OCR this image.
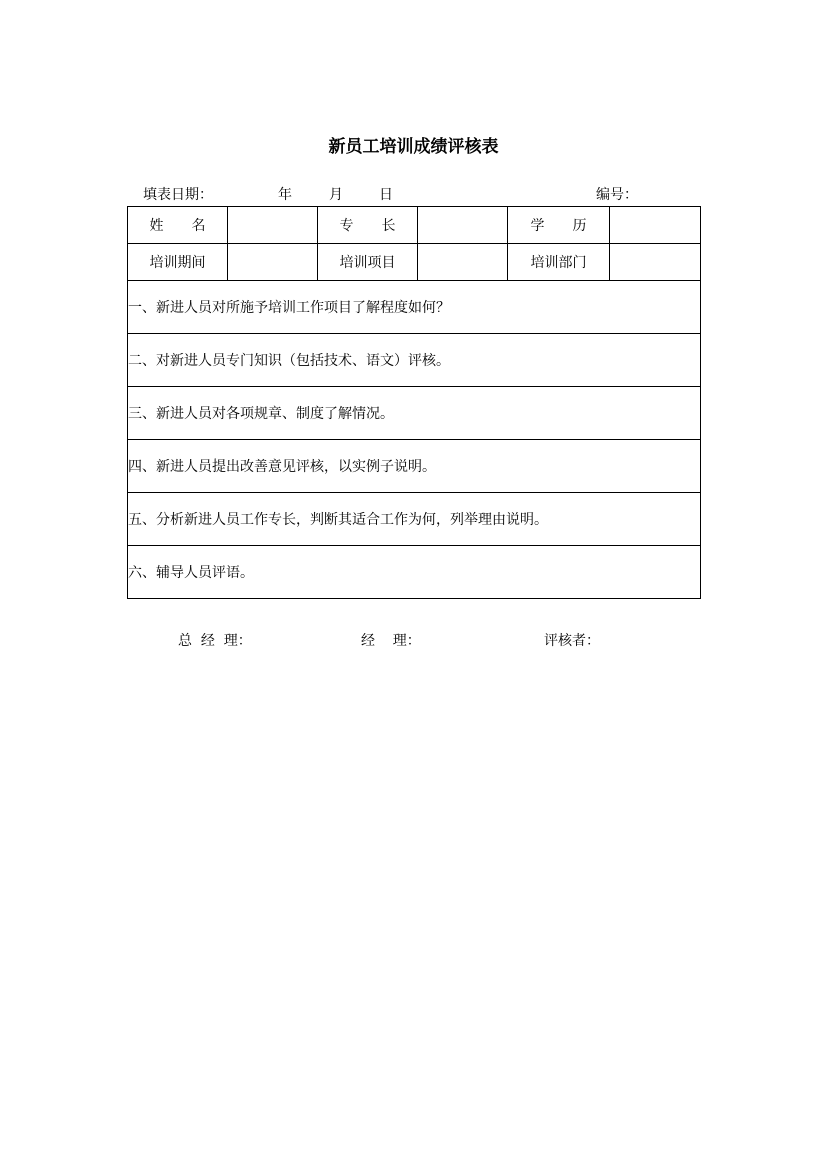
新员工培训成绩评核表
填表日期：	年	月	日	编号：
姓　　名		专　　长		学　　历	
培训期间		培训项目		培训部门	

一、新进人员对所施予培训工作项目了解程度如何？					

二、对新进人员专门知识（包括技术、语文）评核。					

三、新进人员对各项规章、制度了解情况。					

四、新进人员提出改善意见评核，以实例子说明。					

五、分析新进人员工作专长，判断其适合工作为何，列举理由说明。					

六、辅导人员评语。					
总  经  理：	经    理：	评核者：
